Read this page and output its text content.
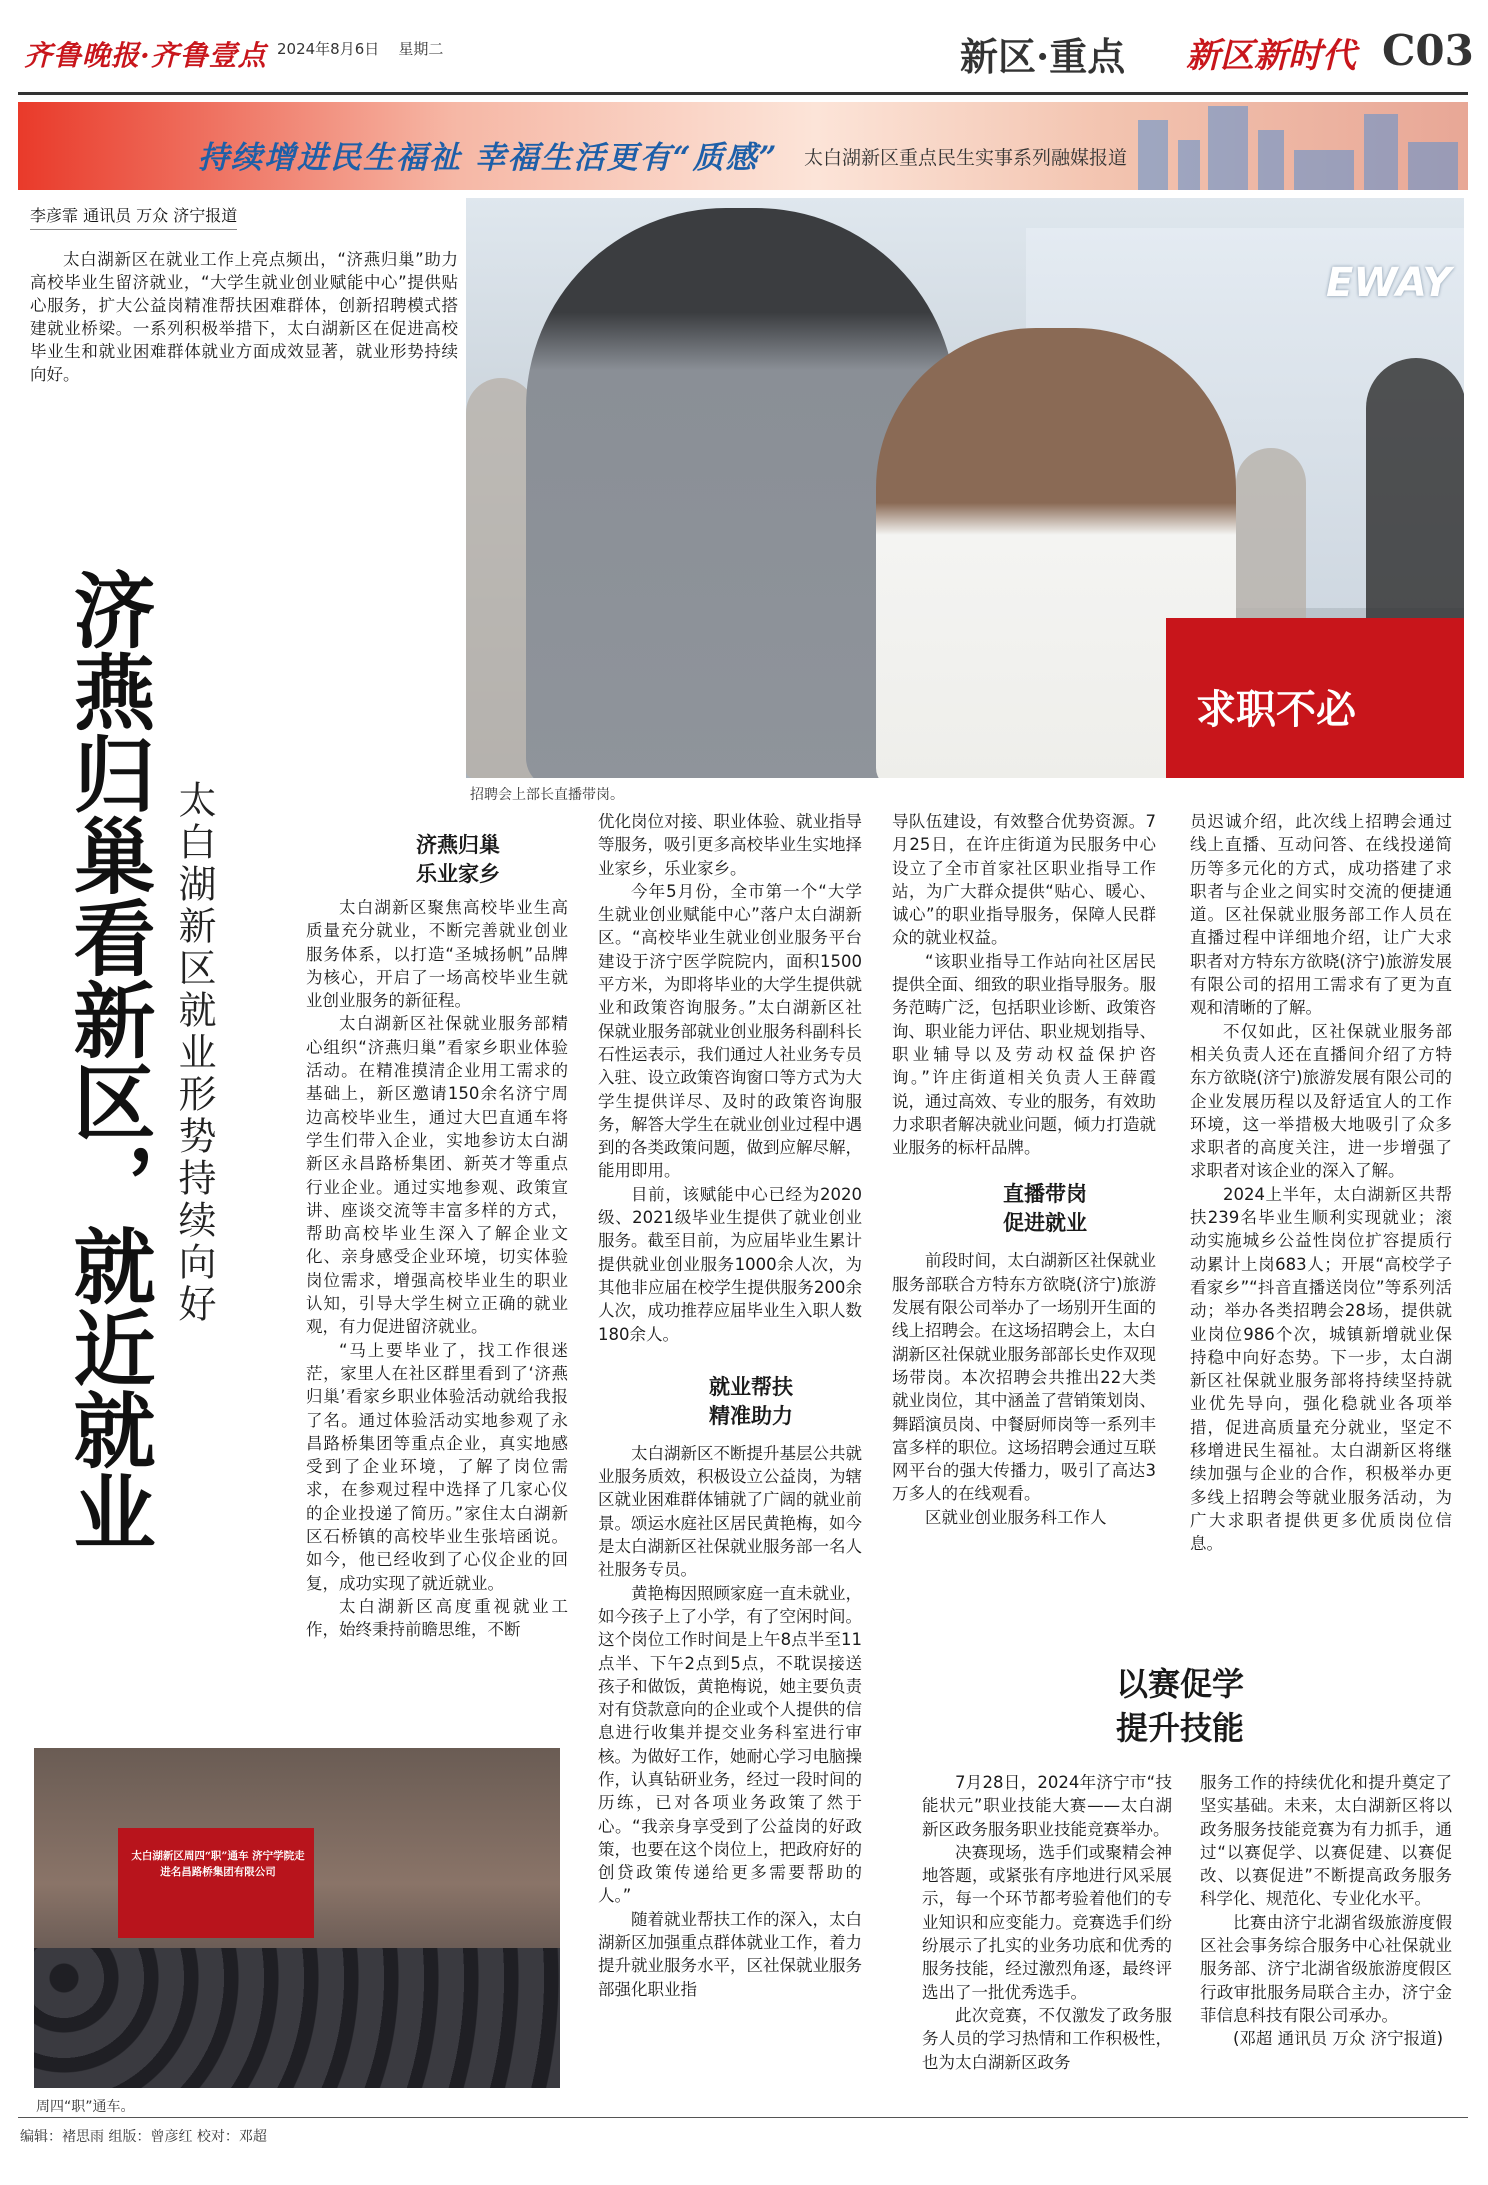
齐鲁晚报·齐鲁壹点 2024年8月6日 星期二	新区·重点 新区新时代 C03
持续增进民生福祉 幸福生活更有“质感” 太白湖新区重点民生实事系列融媒报道
李彦霏 通讯员 万众 济宁报道
太白湖新区在就业工作上亮点频出，“济燕归巢”助力高校毕业生留济就业，“大学生就业创业赋能中心”提供贴心服务，扩大公益岗精准帮扶困难群体，创新招聘模式搭建就业桥梁。一系列积极举措下，太白湖新区在促进高校毕业生和就业困难群体就业方面成效显著，就业形势持续向好。
EWAY
求职不必
招聘会上部长直播带岗。
济燕归巢看新区，就近就业 太白湖新区就业形势持续向好	济燕归巢

乐业家乡

太白湖新区聚焦高校毕业生高质量充分就业，不断完善就业创业服务体系，以打造“圣城扬帆”品牌为核心，开启了一场高校毕业生就业创业服务的新征程。

太白湖新区社保就业服务部精心组织“济燕归巢”看家乡职业体验活动。在精准摸清企业用工需求的基础上，新区邀请150余名济宁周边高校毕业生，通过大巴直通车将学生们带入企业，实地参访太白湖新区永昌路桥集团、新英才等重点行业企业。通过实地参观、政策宣讲、座谈交流等丰富多样的方式，帮助高校毕业生深入了解企业文化、亲身感受企业环境，切实体验岗位需求，增强高校毕业生的职业认知，引导大学生树立正确的就业观，有力促进留济就业。

“马上要毕业了，找工作很迷茫，家里人在社区群里看到了‘济燕归巢’看家乡职业体验活动就给我报了名。通过体验活动实地参观了永昌路桥集团等重点企业，真实地感受到了企业环境，了解了岗位需求，在参观过程中选择了几家心仪的企业投递了简历。”家住太白湖新区石桥镇的高校毕业生张培函说。如今，他已经收到了心仪企业的回复，成功实现了就近就业。

太白湖新区高度重视就业工作，始终秉持前瞻思维，不断

优化岗位对接、职业体验、就业指导等服务，吸引更多高校毕业生实地择业家乡，乐业家乡。

今年5月份，全市第一个“大学生就业创业赋能中心”落户太白湖新区。“高校毕业生就业创业服务平台建设于济宁医学院院内，面积1500平方米，为即将毕业的大学生提供就业和政策咨询服务。”太白湖新区社保就业服务部就业创业服务科副科长石性运表示，我们通过人社业务专员入驻、设立政策咨询窗口等方式为大学生提供详尽、及时的政策咨询服务，解答大学生在就业创业过程中遇到的各类政策问题，做到应解尽解，能用即用。

目前，该赋能中心已经为2020级、2021级毕业生提供了就业创业服务。截至目前，为应届毕业生累计提供就业创业服务1000余人次，为其他非应届在校学生提供服务200余人次，成功推荐应届毕业生入职人数180余人。

就业帮扶

精准助力

太白湖新区不断提升基层公共就业服务质效，积极设立公益岗，为辖区就业困难群体铺就了广阔的就业前景。颂运水庭社区居民黄艳梅，如今是太白湖新区社保就业服务部一名人社服务专员。

黄艳梅因照顾家庭一直未就业，如今孩子上了小学，有了空闲时间。这个岗位工作时间是上午8点半至11点半、下午2点到5点，不耽误接送孩子和做饭，黄艳梅说，她主要负责对有贷款意向的企业或个人提供的信息进行收集并提交业务科室进行审核。为做好工作，她耐心学习电脑操作，认真钻研业务，经过一段时间的历练，已对各项业务政策了然于心。“我亲身享受到了公益岗的好政策，也要在这个岗位上，把政府好的创贷政策传递给更多需要帮助的人。”

随着就业帮扶工作的深入，太白湖新区加强重点群体就业工作，着力提升就业服务水平，区社保就业服务部强化职业指

导队伍建设，有效整合优势资源。7月25日，在许庄街道为民服务中心设立了全市首家社区职业指导工作站，为广大群众提供“贴心、暖心、诚心”的职业指导服务，保障人民群众的就业权益。

“该职业指导工作站向社区居民提供全面、细致的职业指导服务。服务范畴广泛，包括职业诊断、政策咨询、职业能力评估、职业规划指导、职业辅导以及劳动权益保护咨询。”许庄街道相关负责人王薛霞说，通过高效、专业的服务，有效助力求职者解决就业问题，倾力打造就业服务的标杆品牌。

直播带岗

促进就业

前段时间，太白湖新区社保就业服务部联合方特东方欲晓(济宁)旅游发展有限公司举办了一场别开生面的线上招聘会。在这场招聘会上，太白湖新区社保就业服务部部长史作双现场带岗。本次招聘会共推出22大类就业岗位，其中涵盖了营销策划岗、舞蹈演员岗、中餐厨师岗等一系列丰富多样的职位。这场招聘会通过互联网平台的强大传播力，吸引了高达3万多人的在线观看。

区就业创业服务科工作人

员迟诚介绍，此次线上招聘会通过线上直播、互动问答、在线投递简历等多元化的方式，成功搭建了求职者与企业之间实时交流的便捷通道。区社保就业服务部工作人员在直播过程中详细地介绍，让广大求职者对方特东方欲晓(济宁)旅游发展有限公司的招用工需求有了更为直观和清晰的了解。

不仅如此，区社保就业服务部相关负责人还在直播间介绍了方特东方欲晓(济宁)旅游发展有限公司的企业发展历程以及舒适宜人的工作环境，这一举措极大地吸引了众多求职者的高度关注，进一步增强了求职者对该企业的深入了解。

2024上半年，太白湖新区共帮扶239名毕业生顺利实现就业；滚动实施城乡公益性岗位扩容提质行动累计上岗683人；开展“高校学子看家乡”“抖音直播送岗位”等系列活动；举办各类招聘会28场，提供就业岗位986个次，城镇新增就业保持稳中向好态势。下一步，太白湖新区社保就业服务部将持续坚持就业优先导向，强化稳就业各项举措，促进高质量充分就业，坚定不移增进民生福祉。太白湖新区将继续加强与企业的合作，积极举办更多线上招聘会等就业服务活动，为广大求职者提供更多优质岗位信息。

以赛促学
提升技能

7月28日，2024年济宁市“技能状元”职业技能大赛——太白湖新区政务服务职业技能竞赛举办。

决赛现场，选手们或聚精会神地答题，或紧张有序地进行风采展示，每一个环节都考验着他们的专业知识和应变能力。竞赛选手们纷纷展示了扎实的业务功底和优秀的服务技能，经过激烈角逐，最终评选出了一批优秀选手。

此次竞赛，不仅激发了政务服务人员的学习热情和工作积极性，也为太白湖新区政务

服务工作的持续优化和提升奠定了坚实基础。未来，太白湖新区将以政务服务技能竞赛为有力抓手，通过“以赛促学、以赛促建、以赛促改、以赛促进”不断提高政务服务科学化、规范化、专业化水平。

比赛由济宁北湖省级旅游度假区社会事务综合服务中心社保就业服务部、济宁北湖省级旅游度假区行政审批服务局联合主办，济宁金菲信息科技有限公司承办。

(邓超 通讯员 万众 济宁报道)

太白湖新区周四“职”通车 济宁学院走进名昌路桥集团有限公司
周四“职”通车。
编辑：褚思雨 组版：曾彦红 校对：邓超
